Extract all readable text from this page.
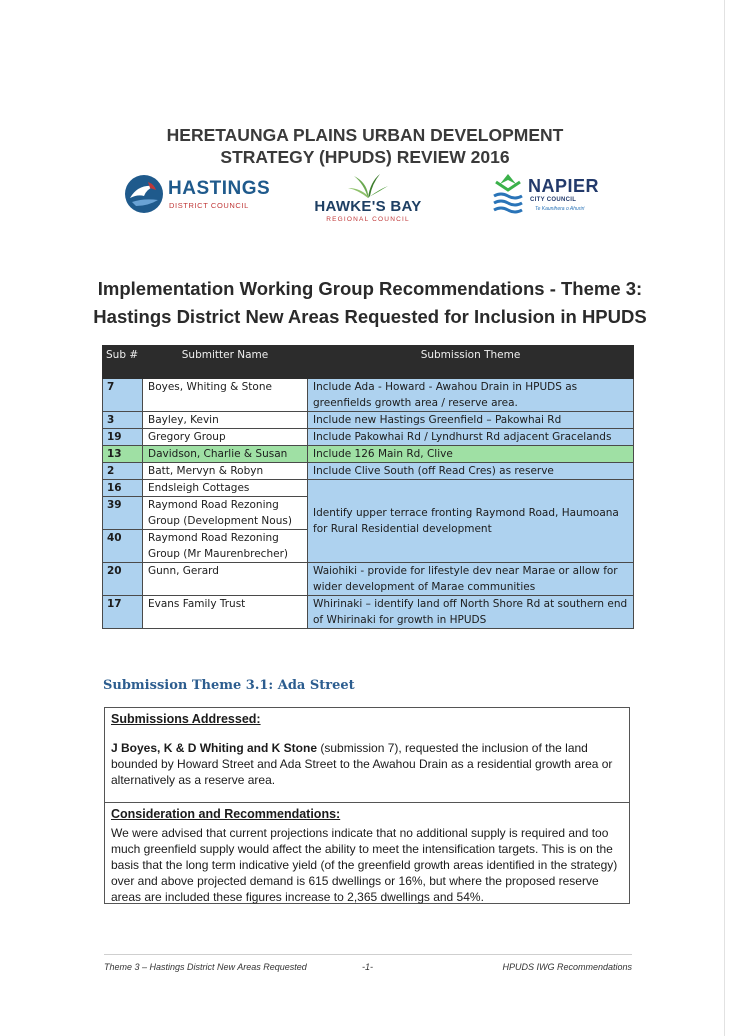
HERETAUNGA PLAINS URBAN DEVELOPMENT
STRATEGY (HPUDS) REVIEW 2016
HASTINGS
DISTRICT COUNCIL	HAWKE'S BAY
REGIONAL COUNCIL
NAPIER
CITY COUNCIL
Te Kaunihera o Ahuriri
Implementation Working Group Recommendations - Theme 3:
Hastings District New Areas Requested for Inclusion in HPUDS
Sub #	Submitter Name	Submission Theme
7	Boyes, Whiting & Stone	Include Ada - Howard - Awahou Drain in HPUDS as greenfields growth area / reserve area.
3	Bayley, Kevin	Include new Hastings Greenfield – Pakowhai Rd
19	Gregory Group	Include Pakowhai Rd / Lyndhurst Rd adjacent Gracelands
13	Davidson, Charlie & Susan	Include 126 Main Rd, Clive
2	Batt, Mervyn & Robyn	Include Clive South (off Read Cres) as reserve
16	Endsleigh Cottages	Identify upper terrace fronting Raymond Road, Haumoana for Rural Residential development
39	Raymond Road Rezoning Group (Development Nous)	
40	Raymond Road Rezoning Group (Mr Maurenbrecher)	
20	Gunn, Gerard	Waiohiki - provide for lifestyle dev near Marae or allow for wider development of Marae communities
17	Evans Family Trust	Whirinaki – identify land off North Shore Rd at southern end of Whirinaki for growth in HPUDS
Submission Theme 3.1: Ada Street
Submissions Addressed:
J Boyes, K & D Whiting and K Stone (submission 7), requested the inclusion of the land bounded by Howard Street and Ada Street to the Awahou Drain as a residential growth area or alternatively as a reserve area.
Consideration and Recommendations:
We were advised that current projections indicate that no additional supply is required and too much greenfield supply would affect the ability to meet the intensification targets. This is on the basis that the long term indicative yield (of the greenfield growth areas identified in the strategy) over and above projected demand is 615 dwellings or 16%, but where the proposed reserve areas are included these figures increase to 2,365 dwellings and 54%.
Theme 3 – Hastings District New Areas Requested	-1-	HPUDS IWG Recommendations
